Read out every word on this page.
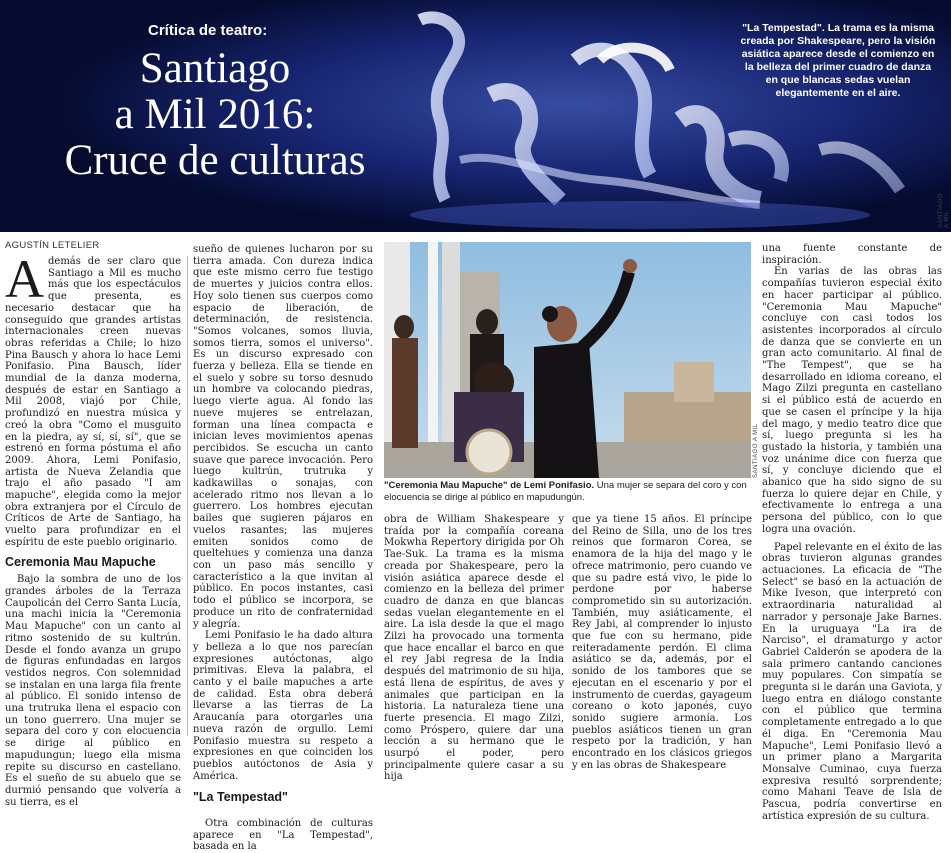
Crítica de teatro:
Santiago
a Mil 2016:
Cruce de culturas
"La Tempestad". La trama es la misma creada por Shakespeare, pero la visión asiática aparece desde el comienzo en la belleza del primer cuadro de danza en que blancas sedas vuelan elegantemente en el aire.
SANTIAGO A MIL
AGUSTÍN LETELIER

Además de ser claro que Santiago a Mil es mucho más que los espectáculos que presenta, es necesario destacar que ha conseguido que grandes artistas internacionales creen nuevas obras referidas a Chile; lo hizo Pina Bausch y ahora lo hace Lemi Ponifasio. Pina Bausch, líder mundial de la danza moderna, después de estar en Santiago a Mil 2008, viajó por Chile, profundizó en nuestra música y creó la obra "Como el musguito en la piedra, ay sí, sí, sí", que se estrenó en forma póstuma el año 2009. Ahora, Lemi Ponifasio, artista de Nueva Zelandia que trajo el año pasado "I am mapuche", elegida como la mejor obra extranjera por el Círculo de Críticos de Arte de Santiago, ha vuelto para profundizar en el espíritu de este pueblo originario.

Ceremonia Mau Mapuche

Bajo la sombra de uno de los grandes árboles de la Terraza Caupolicán del Cerro Santa Lucía, una machi inicia la "Ceremonia Mau Mapuche" con un canto al ritmo sostenido de su kultrún. Desde el fondo avanza un grupo de figuras enfundadas en largos vestidos negros. Con solemnidad se instalan en una larga fila frente al público. El sonido intenso de una trutruka llena el espacio con un tono guerrero. Una mujer se separa del coro y con elocuencia se dirige al público en mapudungun; luego ella misma repite su discurso en castellano. Es el sueño de su abuelo que se durmió pensando que volvería a su tierra, es el

sueño de quienes lucharon por su tierra amada. Con dureza indica que este mismo cerro fue testigo de muertes y juicios contra ellos. Hoy solo tienen sus cuerpos como espacio de liberación, de determinación, de resistencia. "Somos volcanes, somos lluvia, somos tierra, somos el universo". Es un discurso expresado con fuerza y belleza. Ella se tiende en el suelo y sobre su torso desnudo un hombre va colocando piedras, luego vierte agua. Al fondo las nueve mujeres se entrelazan, forman una línea compacta e inician leves movimientos apenas percibidos. Se escucha un canto suave que parece invocación. Pero luego kultrún, trutruka y kadkawillas o sonajas, con acelerado ritmo nos llevan a lo guerrero. Los hombres ejecutan bailes que sugieren pájaros en vuelos rasantes; las mujeres emiten sonidos como de queltehues y comienza una danza con un paso más sencillo y característico a la que invitan al público. En pocos instantes, casi todo el público se incorpora, se produce un rito de confraternidad y alegría.

Lemi Ponifasio le ha dado altura y belleza a lo que nos parecían expresiones autóctonas, algo primitivas. Eleva la palabra, el canto y el baile mapuches a arte de calidad. Esta obra deberá llevarse a las tierras de La Araucanía para otorgarles una nueva razón de orgullo. Lemi Ponifasio muestra su respeto a expresiones en que coinciden los pueblos autóctonos de Asia y América.

"La Tempestad"

Otra combinación de culturas aparece en "La Tempestad", basada en la

SANTIAGO A MIL
"Ceremonia Mau Mapuche" de Lemi Ponifasio. Una mujer se separa del coro y con elocuencia se dirige al público en mapudungún.

obra de William Shakespeare y traída por la compañía coreana Mokwha Repertory dirigida por Oh Tae-Suk. La trama es la misma creada por Shakespeare, pero la visión asiática aparece desde el comienzo en la belleza del primer cuadro de danza en que blancas sedas vuelan elegantemente en el aire. La isla desde la que el mago Zilzi ha provocado una tormenta que hace encallar el barco en que el rey Jabi regresa de la India después del matrimonio de su hija, está llena de espíritus, de aves y animales que participan en la historia. La naturaleza tiene una fuerte presencia. El mago Zilzi, como Próspero, quiere dar una lección a su hermano que le usurpó el poder, pero principalmente quiere casar a su hija

que ya tiene 15 años. El príncipe del Reino de Silla, uno de los tres reinos que formaron Corea, se enamora de la hija del mago y le ofrece matrimonio, pero cuando ve que su padre está vivo, le pide lo perdone por haberse comprometido sin su autorización. También, muy asiáticamente, el Rey Jabi, al comprender lo injusto que fue con su hermano, pide reiteradamente perdón. El clima asiático se da, además, por el sonido de los tambores que se ejecutan en el escenario y por el instrumento de cuerdas, gayageum coreano o koto japonés, cuyo sonido sugiere armonía. Los pueblos asiáticos tienen un gran respeto por la tradición, y han encontrado en los clásicos griegos y en las obras de Shakespeare

una fuente constante de inspiración.

En varias de las obras las compañías tuvieron especial éxito en hacer participar al público. "Ceremonia Mau Mapuche" concluye con casi todos los asistentes incorporados al círculo de danza que se convierte en un gran acto comunitario. Al final de "The Tempest", que se ha desarrollado en idioma coreano, el Mago Zilzi pregunta en castellano si el público está de acuerdo en que se casen el príncipe y la hija del mago, y medio teatro dice que sí, luego pregunta si les ha gustado la historia, y también una voz unánime dice con fuerza que sí, y concluye diciendo que el abanico que ha sido signo de su fuerza lo quiere dejar en Chile, y efectivamente lo entrega a una persona del público, con lo que logra una ovación.

Papel relevante en el éxito de las obras tuvieron algunas grandes actuaciones. La eficacia de "The Select" se basó en la actuación de Mike Iveson, que interpretó con extraordinaria naturalidad al narrador y personaje Jake Barnes. En la uruguaya "La ira de Narciso", el dramaturgo y actor Gabriel Calderón se apodera de la sala primero cantando canciones muy populares. Con simpatía se pregunta si le darán una Gaviota, y luego entra en diálogo constante con el público que termina completamente entregado a lo que él diga. En "Ceremonia Mau Mapuche", Lemi Ponifasio llevó a un primer plano a Margarita Monsalve Cuminao, cuya fuerza expresiva resultó sorprendente; como Mahani Teave de Isla de Pascua, podría convertirse en artística expresión de su cultura.
